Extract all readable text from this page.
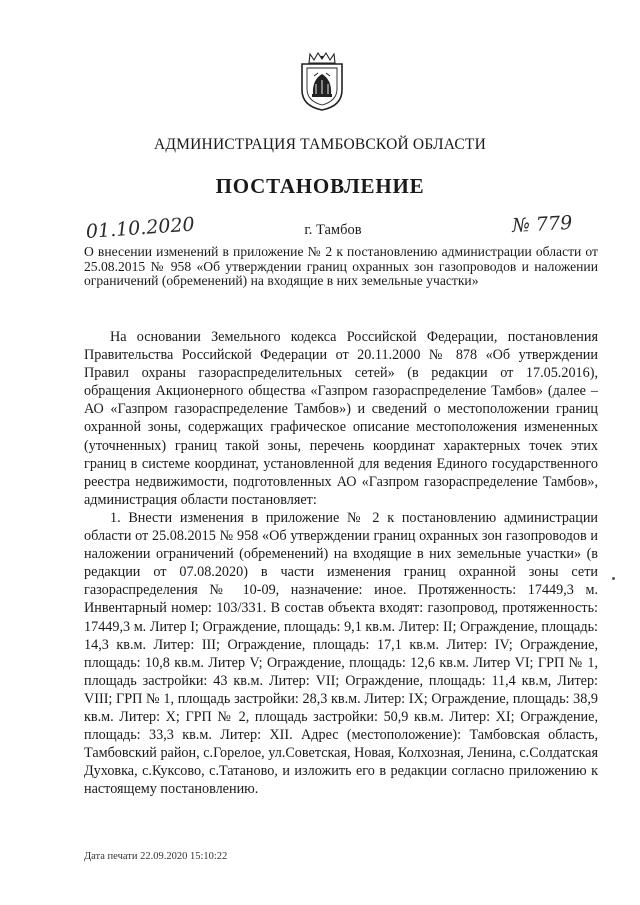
АДМИНИСТРАЦИЯ ТАМБОВСКОЙ ОБЛАСТИ
ПОСТАНОВЛЕНИЕ
01.10.2020	г. Тамбов	№ 779
О внесении изменений в приложение № 2 к постановлению администрации области от 25.08.2015 № 958 «Об утверждении границ охранных зон газопроводов и наложении ограничений (обременений) на входящие в них земельные участки»

На основании Земельного кодекса Российской Федерации, постановления Правительства Российской Федерации от 20.11.2000 № 878 «Об утверждении Правил охраны газораспределительных сетей» (в редакции от 17.05.2016), обращения Акционерного общества «Газпром газораспределение Тамбов» (далее – АО «Газпром газораспределение Тамбов») и сведений о местоположении границ охранной зоны, содержащих графическое описание местоположения измененных (уточненных) границ такой зоны, перечень координат характерных точек этих границ в системе координат, установленной для ведения Единого государственного реестра недвижимости, подготовленных АО «Газпром газораспределение Тамбов», администрация области постановляет:

1. Внести изменения в приложение № 2 к постановлению администрации области от 25.08.2015 № 958 «Об утверждении границ охранных зон газопроводов и наложении ограничений (обременений) на входящие в них земельные участки» (в редакции от 07.08.2020) в части изменения границ охранной зоны сети газораспределения № 10-09, назначение: иное. Протяженность: 17449,3 м. Инвентарный номер: 103/331. В состав объекта входят: газопровод, протяженность: 17449,3 м. Литер I; Ограждение, площадь: 9,1 кв.м. Литер: II; Ограждение, площадь: 14,3 кв.м. Литер: III; Ограждение, площадь: 17,1 кв.м. Литер: IV; Ограждение, площадь: 10,8 кв.м. Литер V; Ограждение, площадь: 12,6 кв.м. Литер VI; ГРП № 1, площадь застройки: 43 кв.м. Литер: VII; Ограждение, площадь: 11,4 кв.м, Литер: VIII; ГРП № 1, площадь застройки: 28,3 кв.м. Литер: IX; Ограждение, площадь: 38,9 кв.м. Литер: X; ГРП № 2, площадь застройки: 50,9 кв.м. Литер: XI; Ограждение, площадь: 33,3 кв.м. Литер: XII. Адрес (местоположение): Тамбовская область, Тамбовский район, с.Горелое, ул.Советская, Новая, Колхозная, Ленина, с.Солдатская Духовка, с.Куксово, с.Татаново, и изложить его в редакции согласно приложению к настоящему постановлению.

Дата печати 22.09.2020 15:10:22
